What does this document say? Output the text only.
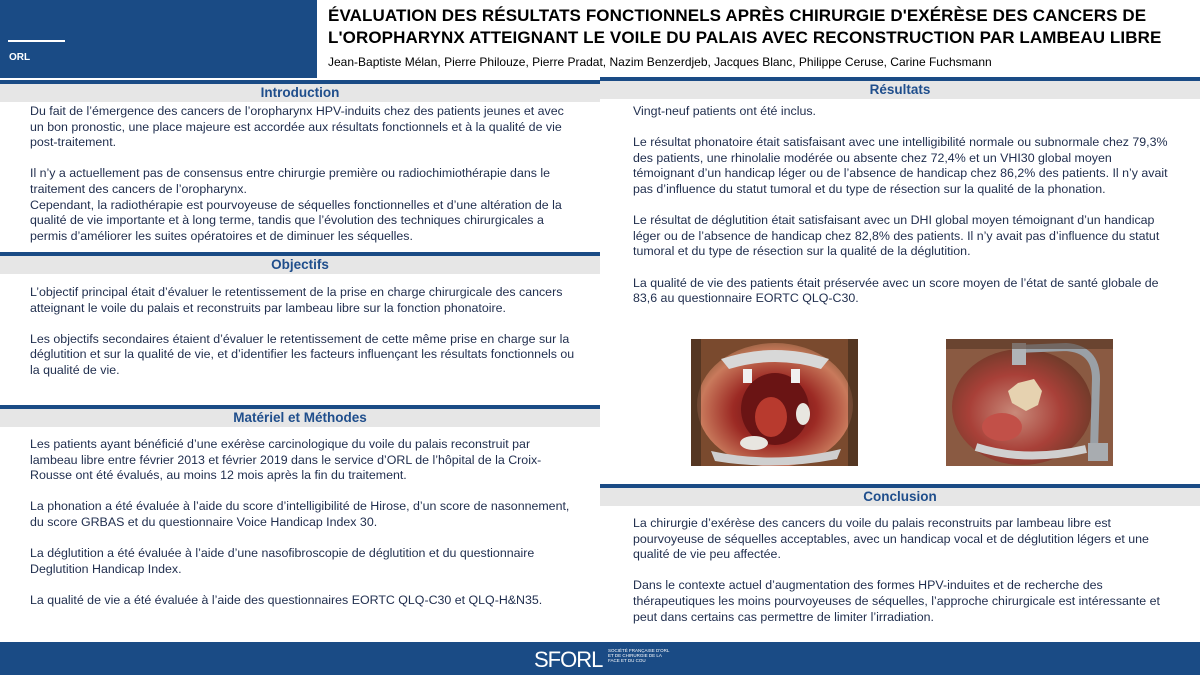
ORL
ÉVALUATION DES RÉSULTATS FONCTIONNELS APRÈS CHIRURGIE D'EXÉRÈSE DES CANCERS DE L'OROPHARYNX ATTEIGNANT LE VOILE DU PALAIS AVEC RECONSTRUCTION PAR LAMBEAU LIBRE
Jean-Baptiste Mélan, Pierre Philouze, Pierre Pradat, Nazim Benzerdjeb, Jacques Blanc, Philippe Ceruse, Carine Fuchsmann
Introduction

Du fait de l’émergence des cancers de l’oropharynx HPV-induits chez des patients jeunes et avec un bon pronostic, une place majeure est accordée aux résultats fonctionnels et à la qualité de vie post-traitement.

Il n’y a actuellement pas de consensus entre chirurgie première ou radiochimiothérapie dans le traitement des cancers de l’oropharynx.

Cependant, la radiothérapie est pourvoyeuse de séquelles fonctionnelles et d’une altération de la qualité de vie importante et à long terme, tandis que l’évolution des techniques chirurgicales a permis d’améliorer les suites opératoires et de diminuer les séquelles.

Objectifs

L’objectif principal était d’évaluer le retentissement de la prise en charge chirurgicale des cancers atteignant le voile du palais et reconstruits par lambeau libre sur la fonction phonatoire.

Les objectifs secondaires étaient d’évaluer le retentissement de cette même prise en charge sur la déglutition et sur la qualité de vie, et d’identifier les facteurs influençant les résultats fonctionnels ou la qualité de vie.

Matériel et Méthodes

Les patients ayant bénéficié d’une exérèse carcinologique du voile du palais reconstruit par lambeau libre entre février 2013 et février 2019 dans le service d’ORL de l’hôpital de la Croix-Rousse ont été évalués, au moins 12 mois après la fin du traitement.

La phonation a été évaluée à l’aide du score d’intelligibilité de Hirose, d’un score de nasonnement, du score GRBAS et du questionnaire Voice Handicap Index 30.

La déglutition a été évaluée à l’aide d’une nasofibroscopie de déglutition et du questionnaire Deglutition Handicap Index.

La qualité de vie a été évaluée à l’aide des questionnaires EORTC QLQ-C30 et QLQ-H&N35.

Résultats

Vingt-neuf patients ont été inclus.

Le résultat phonatoire était satisfaisant avec une intelligibilité normale ou subnormale chez 79,3% des patients, une rhinolalie modérée ou absente chez 72,4% et un VHI30 global moyen témoignant d’un handicap léger ou de l’absence de handicap chez 86,2% des patients. Il n’y avait pas d’influence du statut tumoral et du type de résection sur la qualité de la phonation.

Le résultat de déglutition était satisfaisant avec un DHI global moyen témoignant d’un handicap léger ou de l’absence de handicap chez 82,8% des patients. Il n’y avait pas d’influence du statut tumoral et du type de résection sur la qualité de la déglutition.

La qualité de vie des patients était préservée avec un score moyen de l’état de santé globale de 83,6 au questionnaire EORTC QLQ-C30.

Conclusion

La chirurgie d’exérèse des cancers du voile du palais reconstruits par lambeau libre est pourvoyeuse de séquelles acceptables, avec un handicap vocal et de déglutition légers et une qualité de vie peu affectée.

Dans le contexte actuel d’augmentation des formes HPV-induites et de recherche des thérapeutiques les moins pourvoyeuses de séquelles, l’approche chirurgicale est intéressante et peut dans certains cas permettre de limiter l’irradiation.

SFORL SOCIÉTÉ FRANÇAISE D'ORL ET DE CHIRURGIE DE LA FACE ET DU COU
